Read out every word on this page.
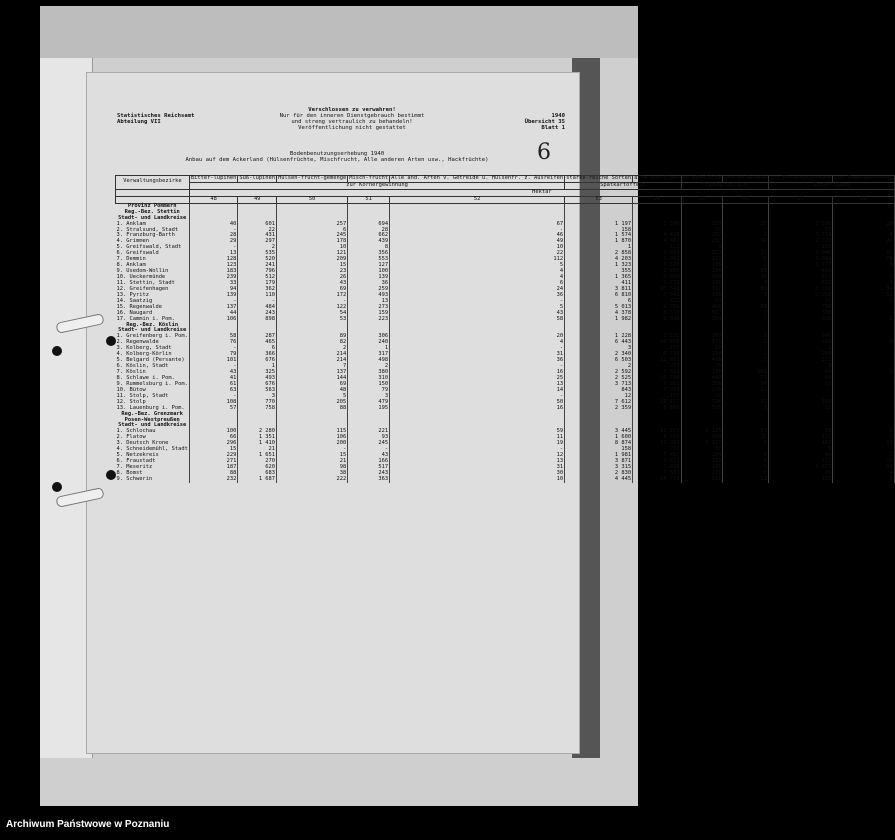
Statistisches Reichsamt
Abteilung VII
Verschlossen zu verwahren!
Nur für den inneren Dienstgebrauch bestimmt
und streng vertraulich zu behandeln!
Veröffentlichung nicht gestattet
1940
Übersicht 35
Blatt 1
6
Bodenbenutzungserhebung 1940
Anbau auf dem Ackerland (Hülsenfrüchte, Mischfrucht, Alle anderen Arten usw., Hackfrüchte)
Verwaltungsbezirke	Bitter-lupinen	Süß-lupinen	Hülsen-frucht-gemenge	Misch-frucht	Alle and. Arten v. Getreide u. Hülsenfr. z. Ausreifen	stärke-reiche Sorten	alle sonstigen	ge-wöhnliche	vor-ge-keimte	zur Körnergewinnung	zur Samengewinnung
	zur Körnergewinnung					Spätkartoffeln		Frühkartoffeln		Zuckerrüben	
	Hektar										
	48	49	50	51	52	53	54	55	56	57	58
Provinz Pommern											
Reg.-Bez. Stettin											
Stadt- und Landkreise											
1. Anklam	40	601	257	694	67	1 197	3 396	329	25	2 506	20
2. Stralsund, Stadt	-	22	6	28	-	158	-	31	-	89	-
3. Franzburg-Barth	28	431	245	662	46	1 574	4 428	252	2	3 714	4
4. Grimmen	29	297	178	439	49	1 870	4 402	232	19	2 723	24
5. Greifswald, Stadt	-	2	10	8	10	1	121	9	-	102	-
6. Greifswald	13	535	121	356	22	2 858	4 014	517	17	4 040	16
7. Demmin	128	520	209	553	112	4 203	2 063	213	9	3 384	78
8. Anklam	123	241	15	127	5	1 323	3 520	108	2	3 177	9
9. Usedom-Wollin	183	796	23	100	4	355	2 400	134	39	414	-
10. Ueckermünde	239	512	26	139	4	1 365	6 050	308	10	553	2
11. Stettin, Stadt	33	179	43	36	6	411	1 733	108	4	815	3
12. Greifenhagen	94	362	69	259	24	3 811	10 548	562	90	3 168	34
13. Pyritz	139	110	172	493	36	6 810	5 541	188	3	5 258	52
14. Saatzig	-	-	-	13	-	6	325	57	-	81	2
15. Regenwalde	137	484	122	273	5	5 013	9 760	408	34	738	-
16. Naugard	44	243	54	159	43	4 378	8 570	667	7	330	-
17. Cammin i. Pom.	106	898	53	223	58	1 982	6 049	304	-	926	2
Reg.-Bez. Köslin											
Stadt- und Landkreise											
1. Greifenberg i. Pom.	58	287	89	306	20	1 228	5 102	297	3	840	-
2. Regenwalde	76	465	82	240	4	6 443	10 025	371	3	389	4
3. Kolberg, Stadt	-	6	2	1	-	3	157	13	-	1	-
4. Kolberg-Körlin	79	366	214	317	31	2 340	6 728	234	2	240	-
5. Belgard (Persante)	101	676	214	498	36	6 503	11 873	418	2	172	-
6. Köslin, Stadt	-	1	7	2	-	2	204	25	-	6	-
7. Köslin	43	325	137	380	16	2 592	7 014	338	106	64	1
8. Schlawe i. Pom.	41	493	144	310	25	2 525	10 789	447	77	69	-
9. Rummelsburg i. Pom.	61	676	69	150	13	3 713	7 262	258	34	16	-
10. Bütow	63	563	48	79	14	843	5 904	278	13	-	-
11. Stolp, Stadt	-	3	5	3	-	12	157	31	-	-	-
12. Stolp	108	770	205	479	50	7 612	15 157	726	31	108	-
13. Lauenburg i. Pom.	57	758	88	195	16	2 359	8 899	578	1	15	-
Reg.-Bez. Grenzmark											
Posen-Westpreußen											
Stadt- und Landkreise											
1. Schlochau	100	2 280	115	221	59	3 445	11 071	1 125	59	58	1
2. Flatow	66	1 351	106	93	11	1 600	8 505	386	25	115	1
3. Deutsch Krone	296	1 410	200	245	19	8 874	11 915	1 123	2	467	13
4. Schneidemühl, Stadt	15	21	-	-	-	158	257	67	-	6	-
5. Netzekreis	229	1 651	15	43	12	1 981	5 482	184	4	44	1
6. Fraustadt	271	270	21	166	13	3 871	5 313	197	4	711	20
7. Meseritz	187	620	98	517	31	3 315	7 818	288	1	1 873	24
8. Bomst	88	683	38	243	30	2 830	7 583	218	6	46	4
9. Schwerin	232	1 687	222	363	10	4 445	14 713	818	12	183	3
Archiwum Państwowe w Poznaniu
